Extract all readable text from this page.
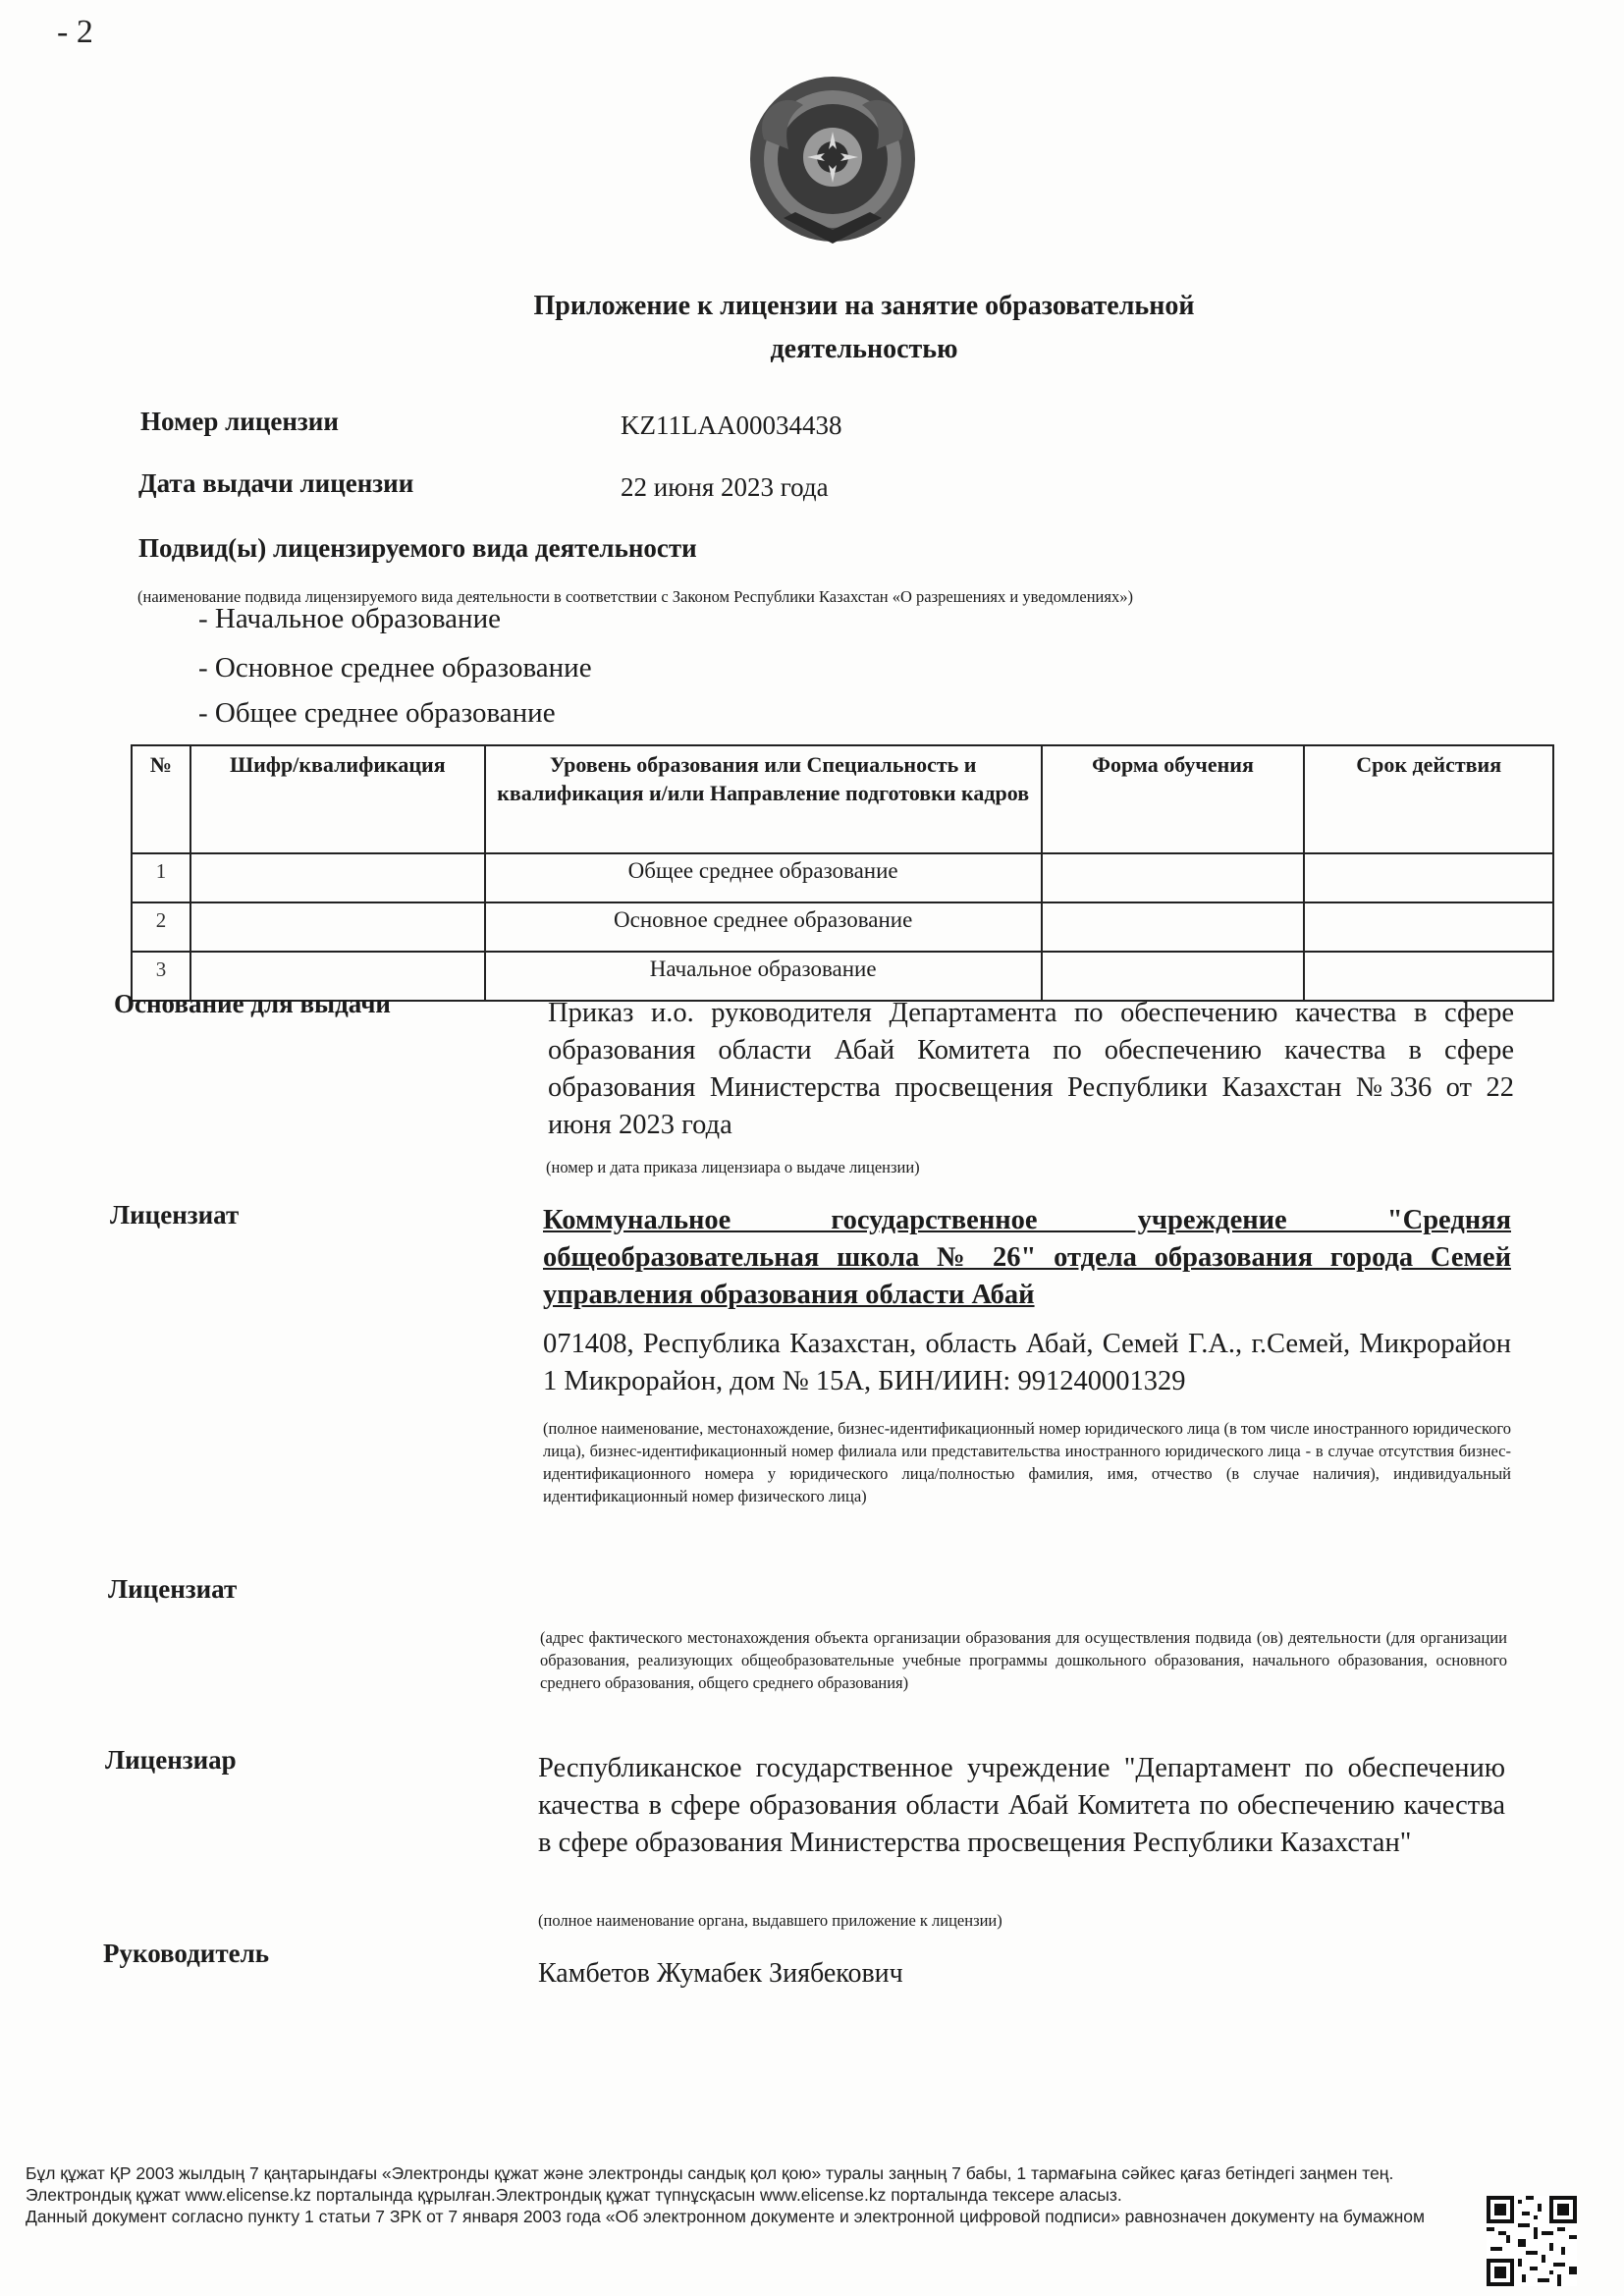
- 2
Приложение к лицензии на занятие образовательной деятельностью
Номер лицензии	KZ11LAA00034438
Дата выдачи лицензии	22 июня 2023 года
Подвид(ы) лицензируемого вида деятельности
(наименование подвида лицензируемого вида деятельности в соответствии с Законом Республики Казахстан «О разрешениях и уведомлениях»)
- Начальное образование
- Основное среднее образование
- Общее среднее образование
№	Шифр/квалификация	Уровень образования или Специальность и квалификация и/или Направление подготовки кадров	Форма обучения	Срок действия
1		Общее среднее образование		
2		Основное среднее образование		
3		Начальное образование		
Основание для выдачи	Приказ и.о. руководителя Департамента по обеспечению качества в сфере образования области Абай Комитета по обеспечению качества в сфере образования Министерства просвещения Республики Казахстан №336 от 22 июня 2023 года
(номер и дата приказа лицензиара о выдаче лицензии)
Лицензиат	Коммунальное государственное учреждение "Средняя общеобразовательная школа № 26" отдела образования города Семей управления образования области Абай
071408, Республика Казахстан, область Абай, Семей Г.А., г.Семей, Микрорайон 1 Микрорайон, дом № 15А, БИН/ИИН: 991240001329
(полное наименование, местонахождение, бизнес-идентификационный номер юридического лица (в том числе иностранного юридического лица), бизнес-идентификационный номер филиала или представительства иностранного юридического лица - в случае отсутствия бизнес-идентификационного номера у юридического лица/полностью фамилия, имя, отчество (в случае наличия), индивидуальный идентификационный номер физического лица)
Лицензиат
(адрес фактического местонахождения объекта организации образования для осуществления подвида (ов) деятельности (для организации образования, реализующих общеобразовательные учебные программы дошкольного образования, начального образования, основного среднего образования, общего среднего образования)
Лицензиар	Республиканское государственное учреждение "Департамент по обеспечению качества в сфере образования области Абай Комитета по обеспечению качества в сфере образования Министерства просвещения Республики Казахстан"
(полное наименование органа, выдавшего приложение к лицензии)
Руководитель
Камбетов Жумабек Зиябекович
Бұл құжат ҚР 2003 жылдың 7 қаңтарындағы «Электронды құжат және электронды сандық қол қою» туралы заңның 7 бабы, 1 тармағына сәйкес қағаз бетіндегі заңмен тең.
Электрондық құжат www.elicense.kz порталында құрылған.Электрондық құжат түпнұсқасын www.elicense.kz порталында тексере аласыз.
Данный документ согласно пункту 1 статьи 7 ЗРК от 7 января 2003 года «Об электронном документе и электронной цифровой подписи» равнозначен документу на бумажном
